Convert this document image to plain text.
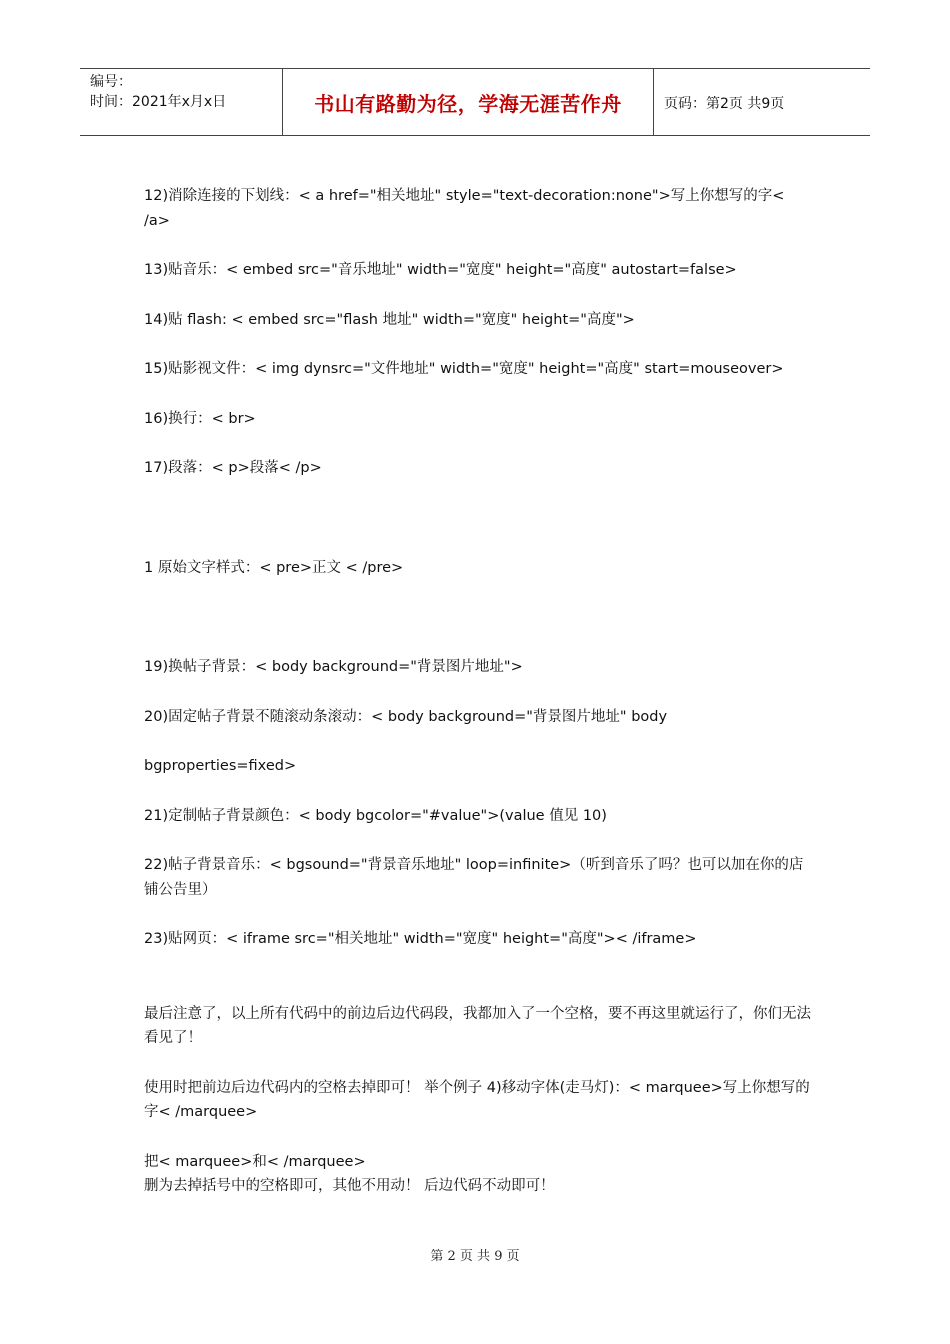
编号：
时间：2021年x月x日	书山有路勤为径，学海无涯苦作舟	页码：第2页 共9页

12)消除连接的下划线：< a href="相关地址" style="text-decoration:none">写上你想写的字< /a>

13)贴音乐：< embed src="音乐地址" width="宽度" height="高度" autostart=false>

14)贴 flash: < embed src="flash 地址" width="宽度" height="高度">

15)贴影视文件：< img dynsrc="文件地址" width="宽度" height="高度" start=mouseover>

16)换行：< br>

17)段落：< p>段落< /p>

1 原始文字样式：< pre>正文 < /pre>

19)换帖子背景：< body background="背景图片地址">

20)固定帖子背景不随滚动条滚动：< body background="背景图片地址" body

bgproperties=fixed>

21)定制帖子背景颜色：< body bgcolor="#value">(value 值见 10)

22)帖子背景音乐：< bgsound="背景音乐地址" loop=infinite>（听到音乐了吗？也可以加在你的店铺公告里）

23)贴网页：< iframe src="相关地址" width="宽度" height="高度">< /iframe>

最后注意了，以上所有代码中的前边后边代码段，我都加入了一个空格，要不再这里就运行了，你们无法看见了！

使用时把前边后边代码内的空格去掉即可！ 举个例子 4)移动字体(走马灯)：< marquee>写上你想写的字< /marquee>

把< marquee>和< /marquee>

删为去掉括号中的空格即可，其他不用动！ 后边代码不动即可！

第 2 页 共 9 页
